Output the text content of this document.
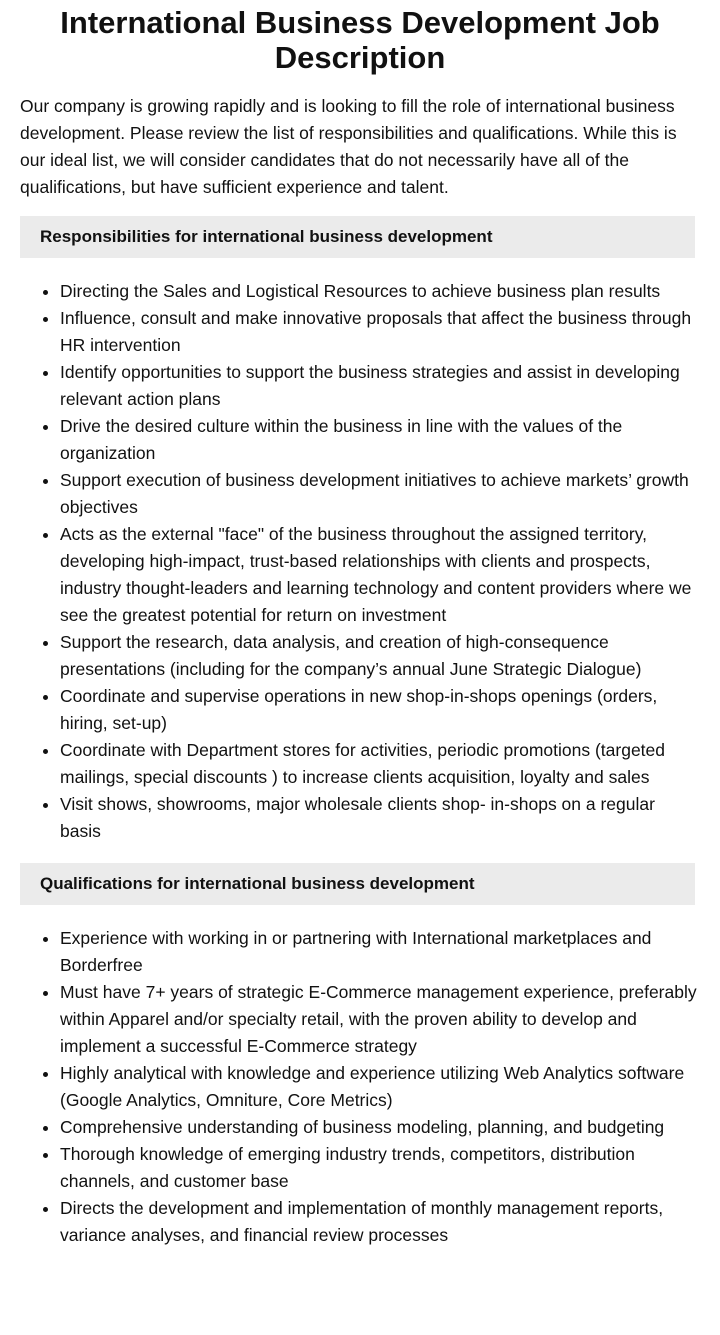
International Business Development Job Description

Our company is growing rapidly and is looking to fill the role of international business development. Please review the list of responsibilities and qualifications. While this is our ideal list, we will consider candidates that do not necessarily have all of the qualifications, but have sufficient experience and talent.

Responsibilities for international business development
• Directing the Sales and Logistical Resources to achieve business plan results
• Influence, consult and make innovative proposals that affect the business through HR intervention
• Identify opportunities to support the business strategies and assist in developing relevant action plans
• Drive the desired culture within the business in line with the values of the organization
• Support execution of business development initiatives to achieve markets’ growth objectives
• Acts as the external "face" of the business throughout the assigned territory, developing high-impact, trust-based relationships with clients and prospects, industry thought-leaders and learning technology and content providers where we see the greatest potential for return on investment
• Support the research, data analysis, and creation of high-consequence presentations (including for the company’s annual June Strategic Dialogue)
• Coordinate and supervise operations in new shop-in-shops openings (orders, hiring, set-up)
• Coordinate with Department stores for activities, periodic promotions (targeted mailings, special discounts ) to increase clients acquisition, loyalty and sales
• Visit shows, showrooms, major wholesale clients shop- in-shops on a regular basis
Qualifications for international business development
• Experience with working in or partnering with International marketplaces and Borderfree
• Must have 7+ years of strategic E-Commerce management experience, preferably within Apparel and/or specialty retail, with the proven ability to develop and implement a successful E-Commerce strategy
• Highly analytical with knowledge and experience utilizing Web Analytics software (Google Analytics, Omniture, Core Metrics)
• Comprehensive understanding of business modeling, planning, and budgeting
• Thorough knowledge of emerging industry trends, competitors, distribution channels, and customer base
• Directs the development and implementation of monthly management reports, variance analyses, and financial review processes
